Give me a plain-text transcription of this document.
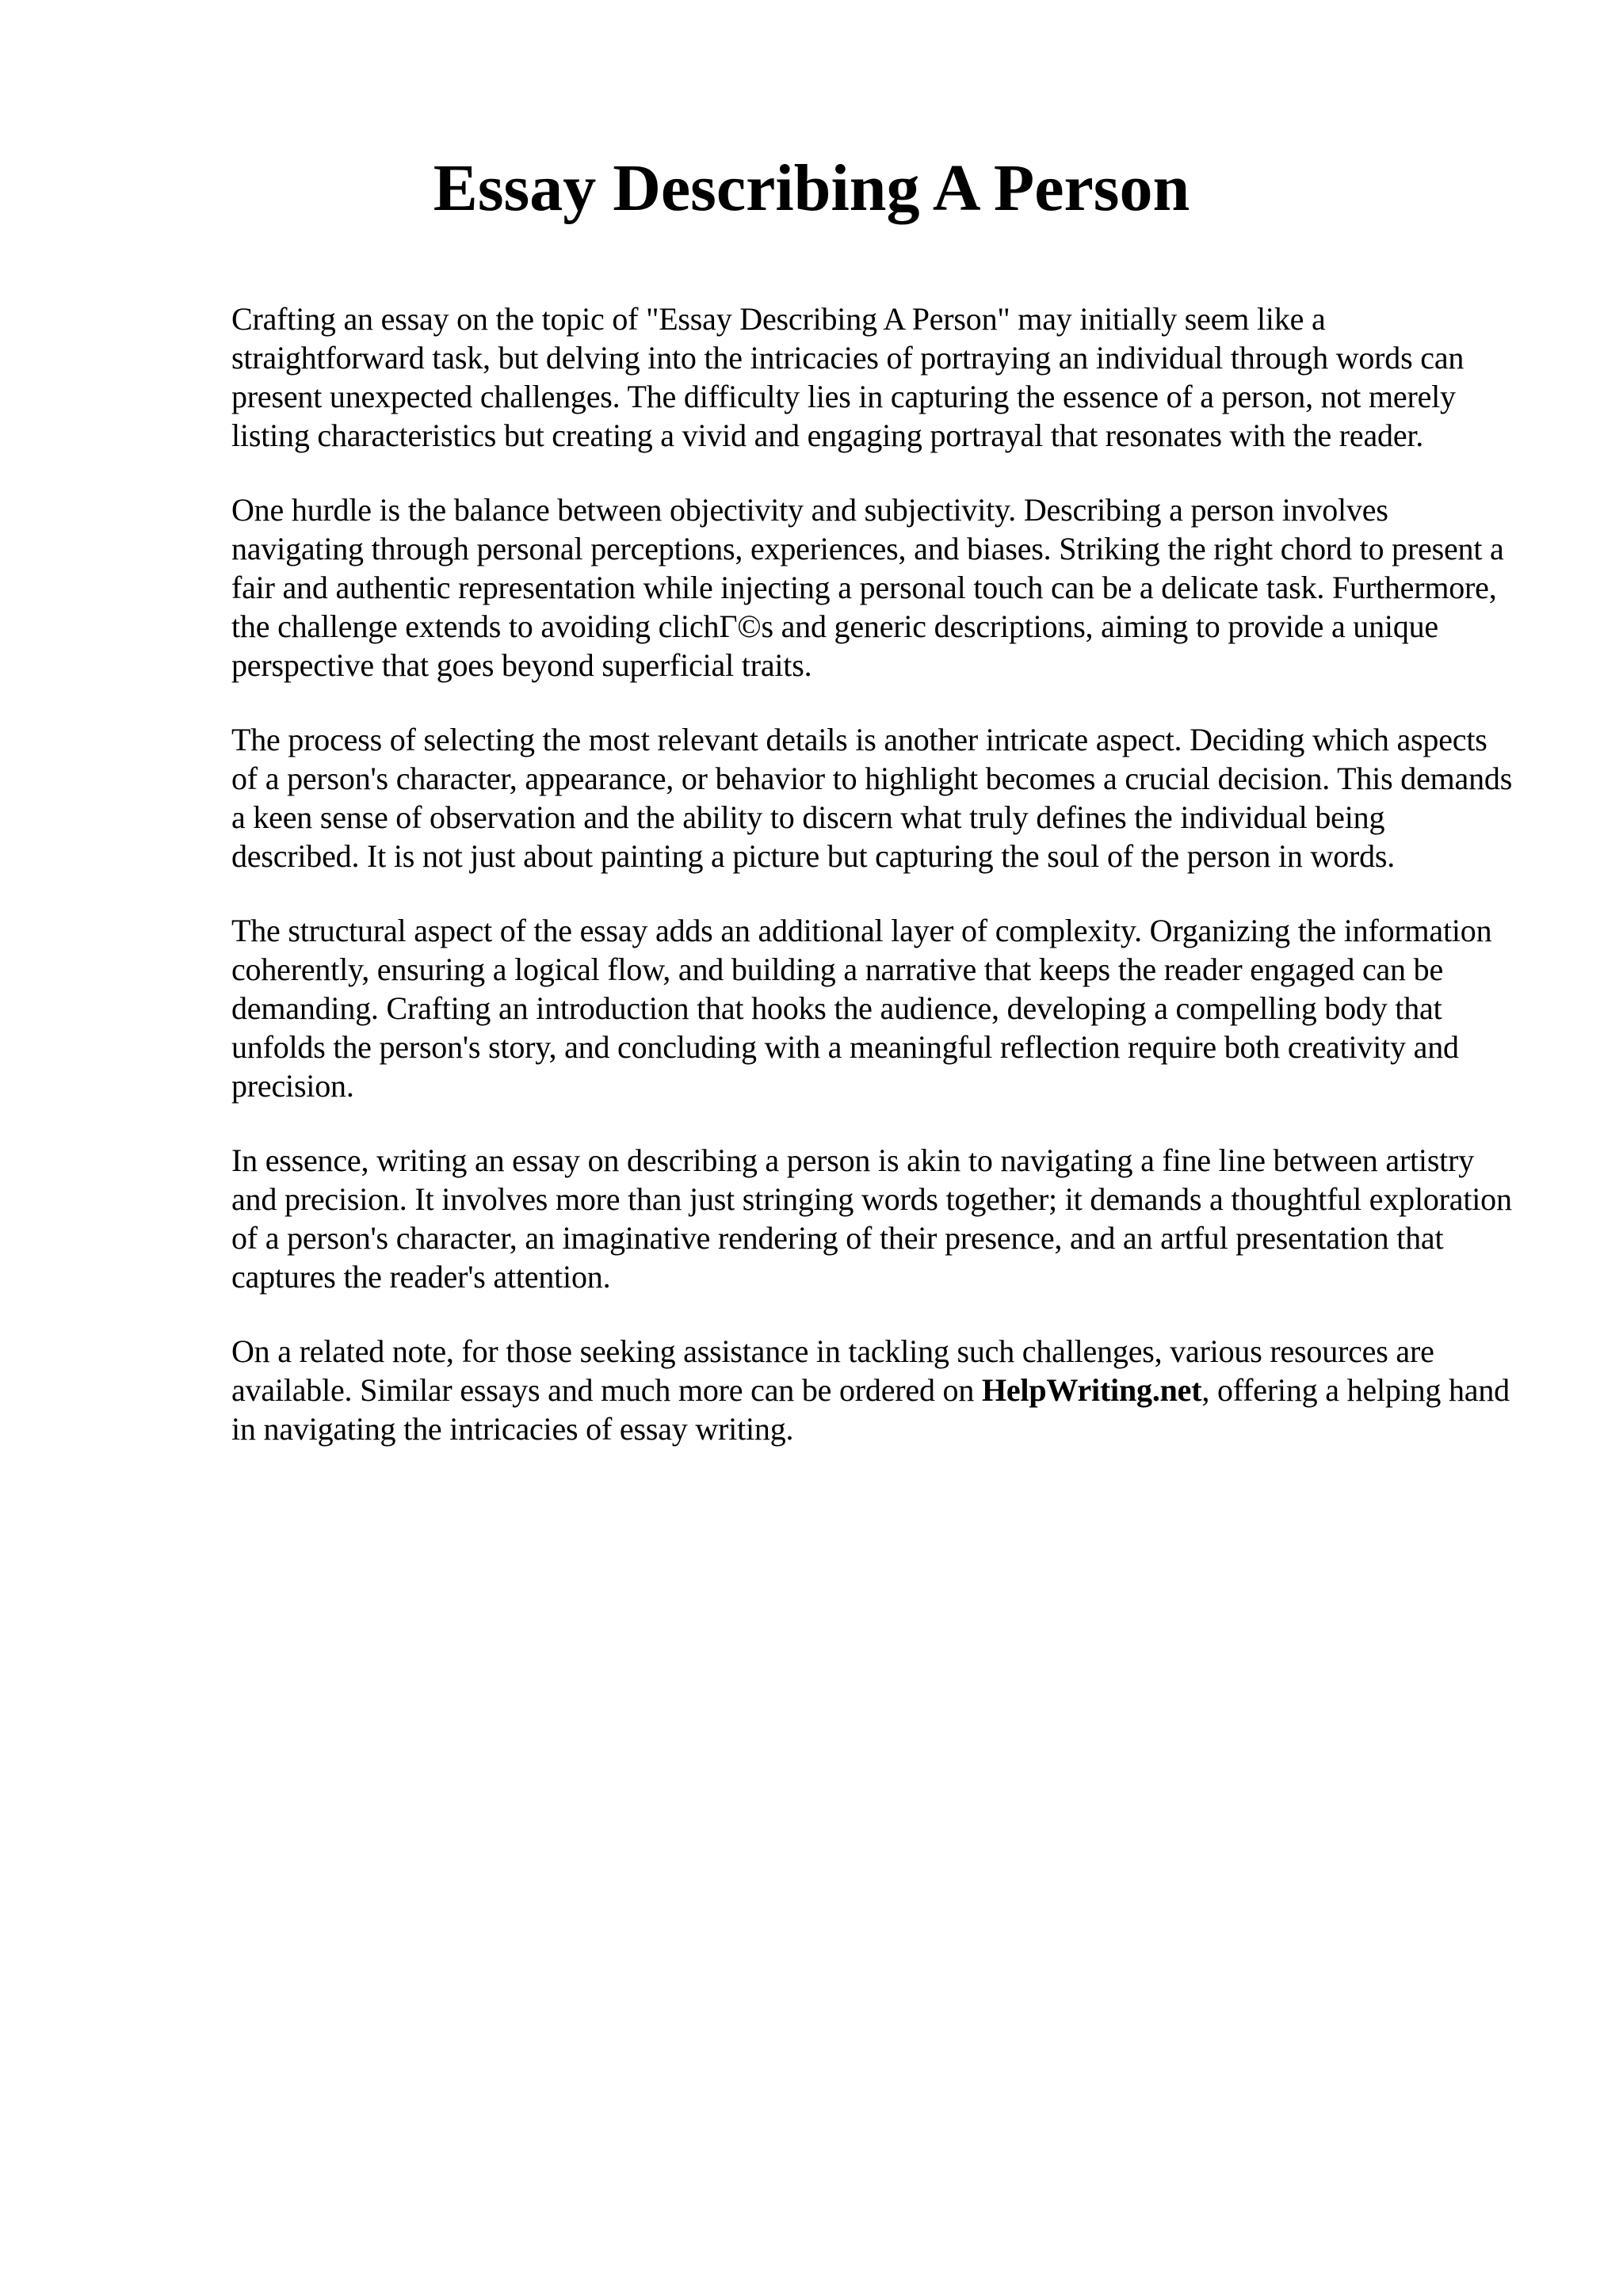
Essay Describing A Person

Crafting an essay on the topic of "Essay Describing A Person" may initially seem like a straightforward task, but delving into the intricacies of portraying an individual through words can present unexpected challenges. The difficulty lies in capturing the essence of a person, not merely listing characteristics but creating a vivid and engaging portrayal that resonates with the reader.

One hurdle is the balance between objectivity and subjectivity. Describing a person involves navigating through personal perceptions, experiences, and biases. Striking the right chord to present a fair and authentic representation while injecting a personal touch can be a delicate task. Furthermore, the challenge extends to avoiding clichΓ©s and generic descriptions, aiming to provide a unique perspective that goes beyond superficial traits.

The process of selecting the most relevant details is another intricate aspect. Deciding which aspects of a person's character, appearance, or behavior to highlight becomes a crucial decision. This demands a keen sense of observation and the ability to discern what truly defines the individual being described. It is not just about painting a picture but capturing the soul of the person in words.

The structural aspect of the essay adds an additional layer of complexity. Organizing the information coherently, ensuring a logical flow, and building a narrative that keeps the reader engaged can be demanding. Crafting an introduction that hooks the audience, developing a compelling body that unfolds the person's story, and concluding with a meaningful reflection require both creativity and precision.

In essence, writing an essay on describing a person is akin to navigating a fine line between artistry and precision. It involves more than just stringing words together; it demands a thoughtful exploration of a person's character, an imaginative rendering of their presence, and an artful presentation that captures the reader's attention.

On a related note, for those seeking assistance in tackling such challenges, various resources are available. Similar essays and much more can be ordered on HelpWriting.net, offering a helping hand in navigating the intricacies of essay writing.
